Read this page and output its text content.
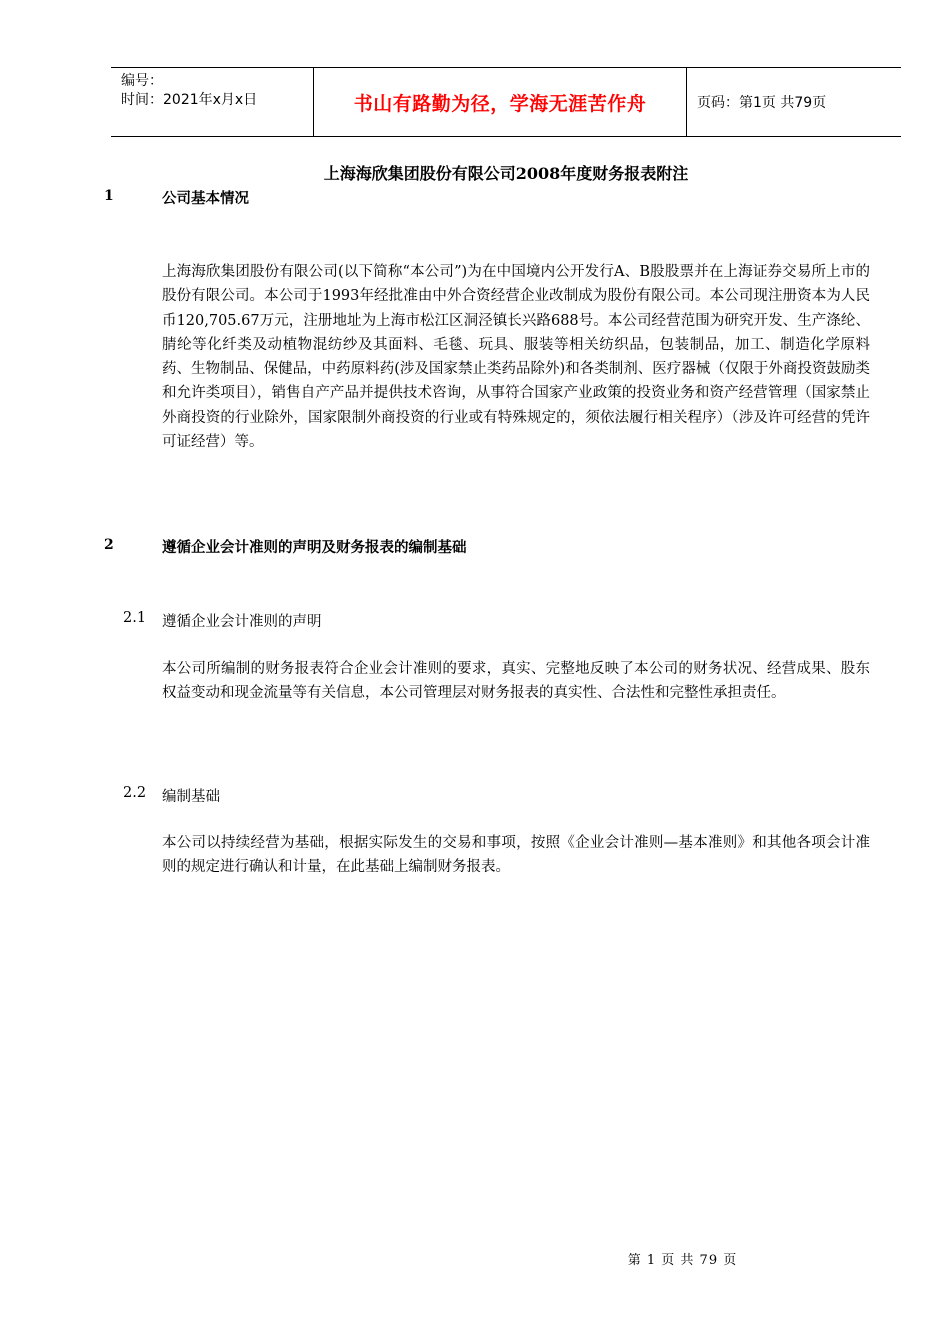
编号：
时间：2021年x月x日	书山有路勤为径，学海无涯苦作舟	页码：第1页 共79页
上海海欣集团股份有限公司2008年度财务报表附注
1	公司基本情况

上海海欣集团股份有限公司(以下简称“本公司”)为在中国境内公开发行A、B股股票并在上海证券交易所上市的股份有限公司。本公司于1993年经批准由中外合资经营企业改制成为股份有限公司。本公司现注册资本为人民币120,705.67万元，注册地址为上海市松江区洞泾镇长兴路688号。本公司经营范围为研究开发、生产涤纶、腈纶等化纤类及动植物混纺纱及其面料、毛毯、玩具、服装等相关纺织品，包装制品，加工、制造化学原料药、生物制品、保健品，中药原料药(涉及国家禁止类药品除外)和各类制剂、医疗器械（仅限于外商投资鼓励类和允许类项目），销售自产产品并提供技术咨询，从事符合国家产业政策的投资业务和资产经营管理（国家禁止外商投资的行业除外，国家限制外商投资的行业或有特殊规定的，须依法履行相关程序）（涉及许可经营的凭许可证经营）等。

2	遵循企业会计准则的声明及财务报表的编制基础
2.1 遵循企业会计准则的声明

本公司所编制的财务报表符合企业会计准则的要求，真实、完整地反映了本公司的财务状况、经营成果、股东权益变动和现金流量等有关信息，本公司管理层对财务报表的真实性、合法性和完整性承担责任。

2.2 编制基础

本公司以持续经营为基础，根据实际发生的交易和事项，按照《企业会计准则—基本准则》和其他各项会计准则的规定进行确认和计量，在此基础上编制财务报表。

第 1 页 共 79 页
